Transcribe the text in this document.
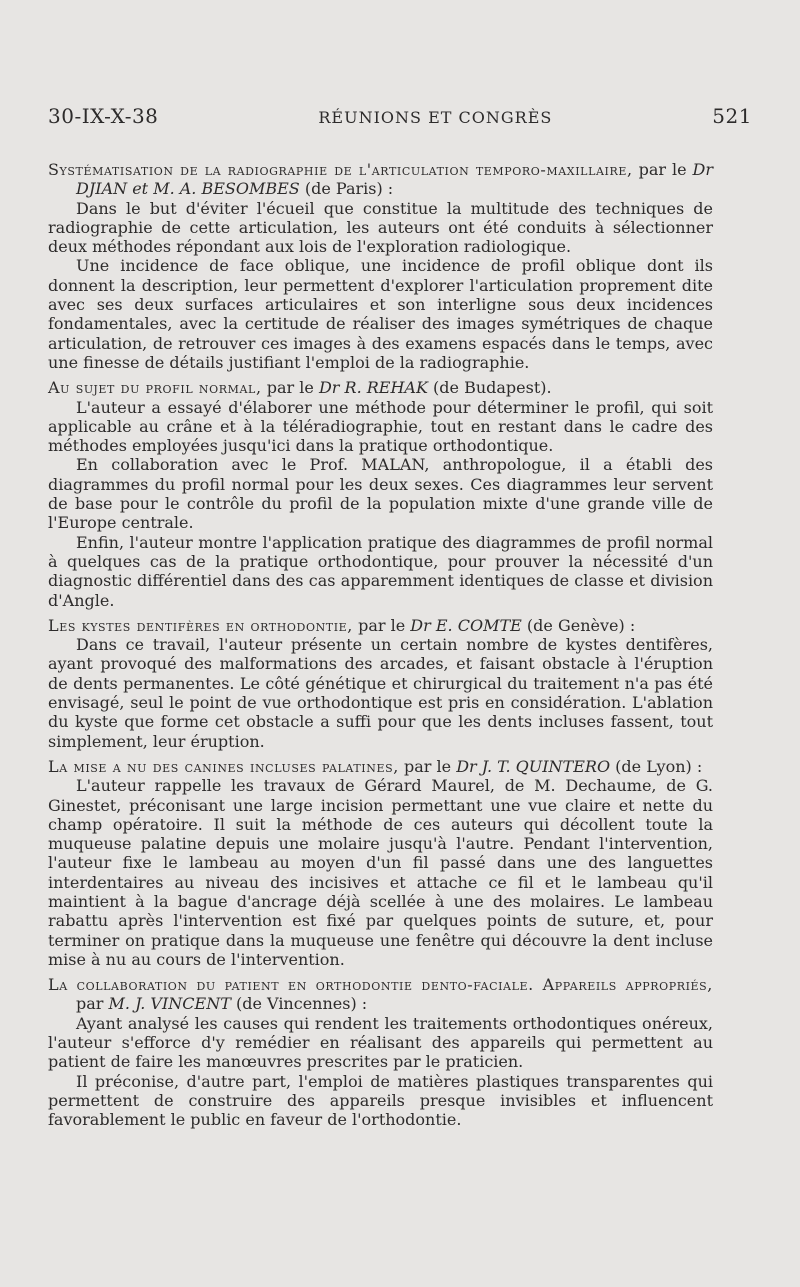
30-IX-X-38	RÉUNIONS ET CONGRÈS	521

Systématisation de la radiographie de l'articulation temporo-maxillaire, par le Dr DJIAN et M. A. BESOMBES (de Paris) :

Dans le but d'éviter l'écueil que constitue la multitude des techniques de radiographie de cette articulation, les auteurs ont été conduits à sélectionner deux méthodes répondant aux lois de l'exploration radiologique.

Une incidence de face oblique, une incidence de profil oblique dont ils donnent la description, leur permettent d'explorer l'articulation proprement dite avec ses deux surfaces articulaires et son interligne sous deux incidences fondamentales, avec la certitude de réaliser des images symétriques de chaque articulation, de retrouver ces images à des examens espacés dans le temps, avec une finesse de détails justifiant l'emploi de la radiographie.

Au sujet du profil normal, par le Dr R. REHAK (de Budapest).

L'auteur a essayé d'élaborer une méthode pour déterminer le profil, qui soit applicable au crâne et à la téléradiographie, tout en restant dans le cadre des méthodes employées jusqu'ici dans la pratique orthodontique.

En collaboration avec le Prof. MALAN, anthropologue, il a établi des diagrammes du profil normal pour les deux sexes. Ces diagrammes leur servent de base pour le contrôle du profil de la population mixte d'une grande ville de l'Europe centrale.

Enfin, l'auteur montre l'application pratique des diagrammes de profil normal à quelques cas de la pratique orthodontique, pour prouver la nécessité d'un diagnostic différentiel dans des cas apparemment identiques de classe et division d'Angle.

Les kystes dentifères en orthodontie, par le Dr E. COMTE (de Genève) :

Dans ce travail, l'auteur présente un certain nombre de kystes dentifères, ayant provoqué des malformations des arcades, et faisant obstacle à l'éruption de dents permanentes. Le côté génétique et chirurgical du traitement n'a pas été envisagé, seul le point de vue orthodontique est pris en considération. L'ablation du kyste que forme cet obstacle a suffi pour que les dents incluses fassent, tout simplement, leur éruption.

La mise a nu des canines incluses palatines, par le Dr J. T. QUINTERO (de Lyon) :

L'auteur rappelle les travaux de Gérard Maurel, de M. Dechaume, de G. Ginestet, préconisant une large incision permettant une vue claire et nette du champ opératoire. Il suit la méthode de ces auteurs qui décollent toute la muqueuse palatine depuis une molaire jusqu'à l'autre. Pendant l'intervention, l'auteur fixe le lambeau au moyen d'un fil passé dans une des languettes interdentaires au niveau des incisives et attache ce fil et le lambeau qu'il maintient à la bague d'ancrage déjà scellée à une des molaires. Le lambeau rabattu après l'intervention est fixé par quelques points de suture, et, pour terminer on pratique dans la muqueuse une fenêtre qui découvre la dent incluse mise à nu au cours de l'intervention.

La collaboration du patient en orthodontie dento-faciale. Appareils appropriés, par M. J. VINCENT (de Vincennes) :

Ayant analysé les causes qui rendent les traitements orthodontiques onéreux, l'auteur s'efforce d'y remédier en réalisant des appareils qui permettent au patient de faire les manœuvres prescrites par le praticien.

Il préconise, d'autre part, l'emploi de matières plastiques transparentes qui permettent de construire des appareils presque invisibles et influencent favorablement le public en faveur de l'orthodontie.
